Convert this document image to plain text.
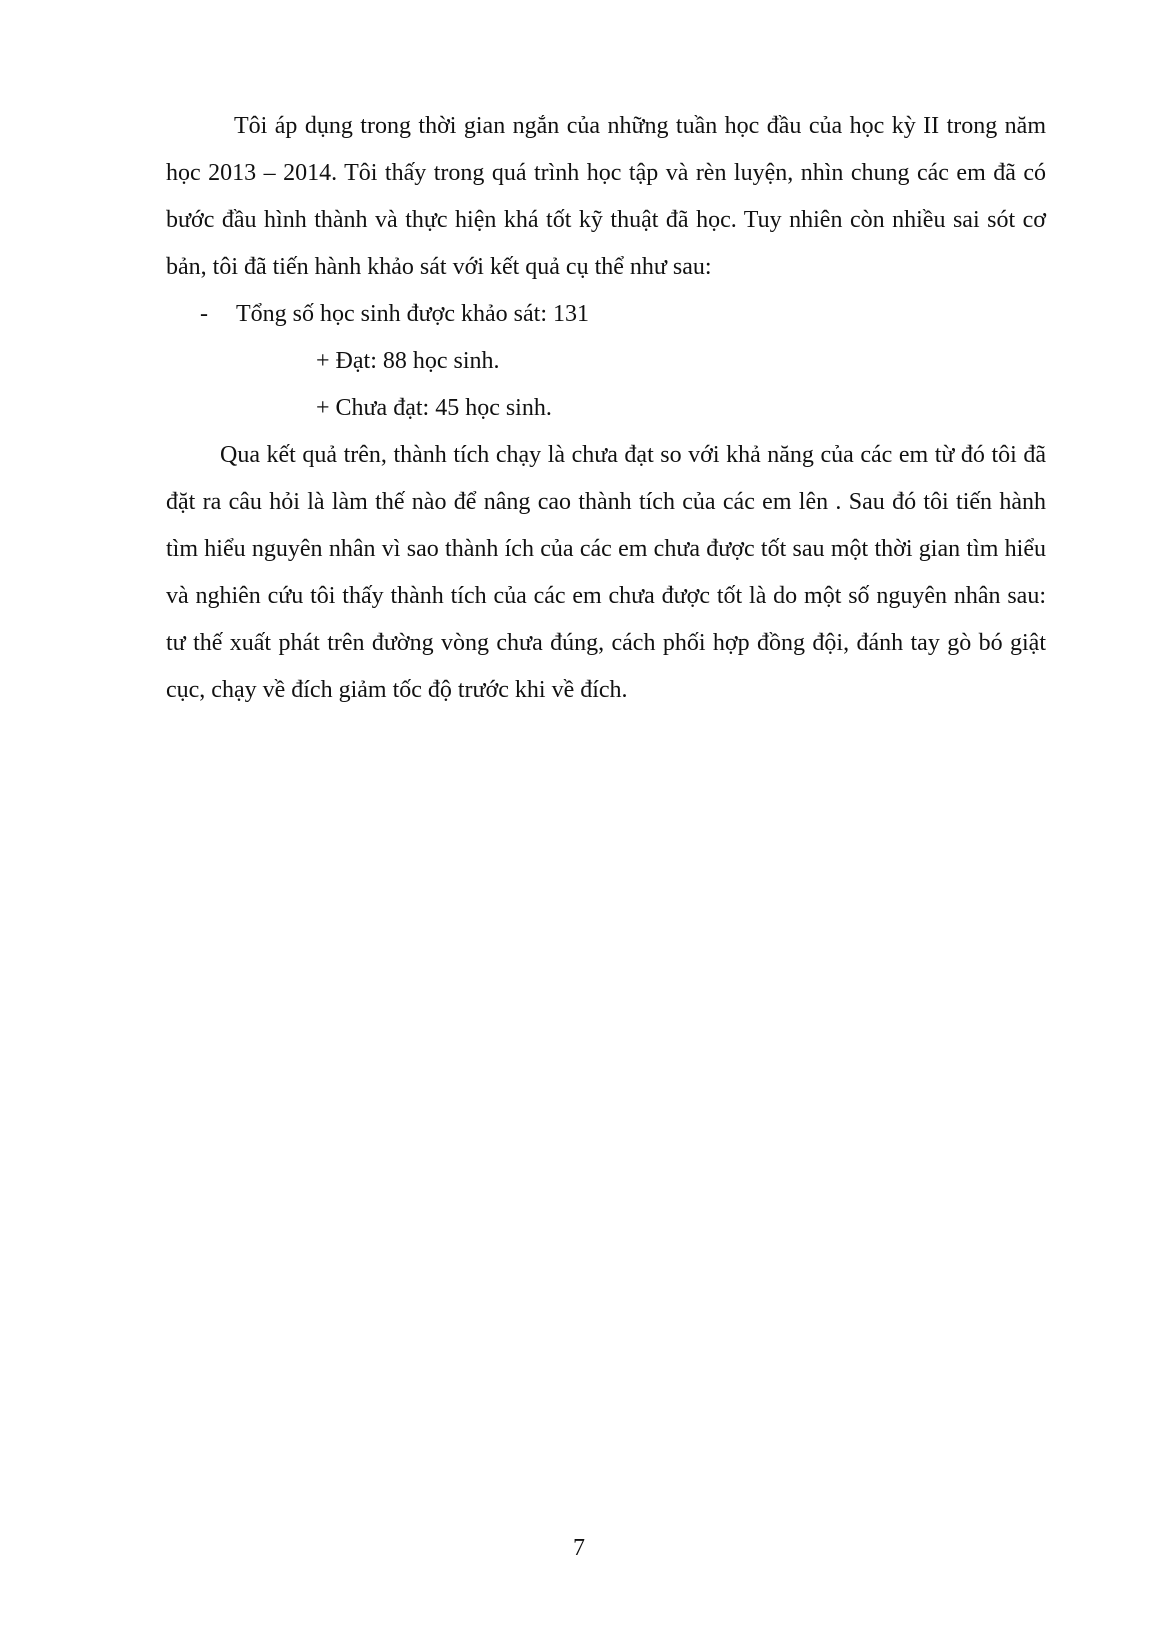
Tôi áp dụng trong thời gian ngắn của những tuần học đầu của học kỳ II trong năm học 2013 – 2014. Tôi thấy trong quá trình học tập và rèn luyện, nhìn chung các em đã có bước đầu hình thành và thực hiện khá tốt kỹ thuật đã học. Tuy nhiên còn nhiều sai sót cơ bản, tôi đã tiến hành khảo sát với kết quả cụ thể như sau:

- Tổng số học sinh được khảo sát: 131

+ Đạt: 88 học sinh.

+ Chưa đạt: 45 học sinh.

Qua kết quả trên, thành tích chạy là chưa đạt so với khả năng của các em từ đó tôi đã đặt ra câu hỏi là làm thế nào để nâng cao thành tích của các em lên . Sau đó tôi tiến hành tìm hiểu nguyên nhân vì sao thành ích của các em chưa được tốt sau một thời gian tìm hiểu và nghiên cứu tôi thấy thành tích của các em chưa được tốt là do một số nguyên nhân sau: tư thế xuất phát trên đường vòng chưa đúng, cách phối hợp đồng đội, đánh tay gò bó giật cục, chạy về đích giảm tốc độ trước khi về đích.

7
